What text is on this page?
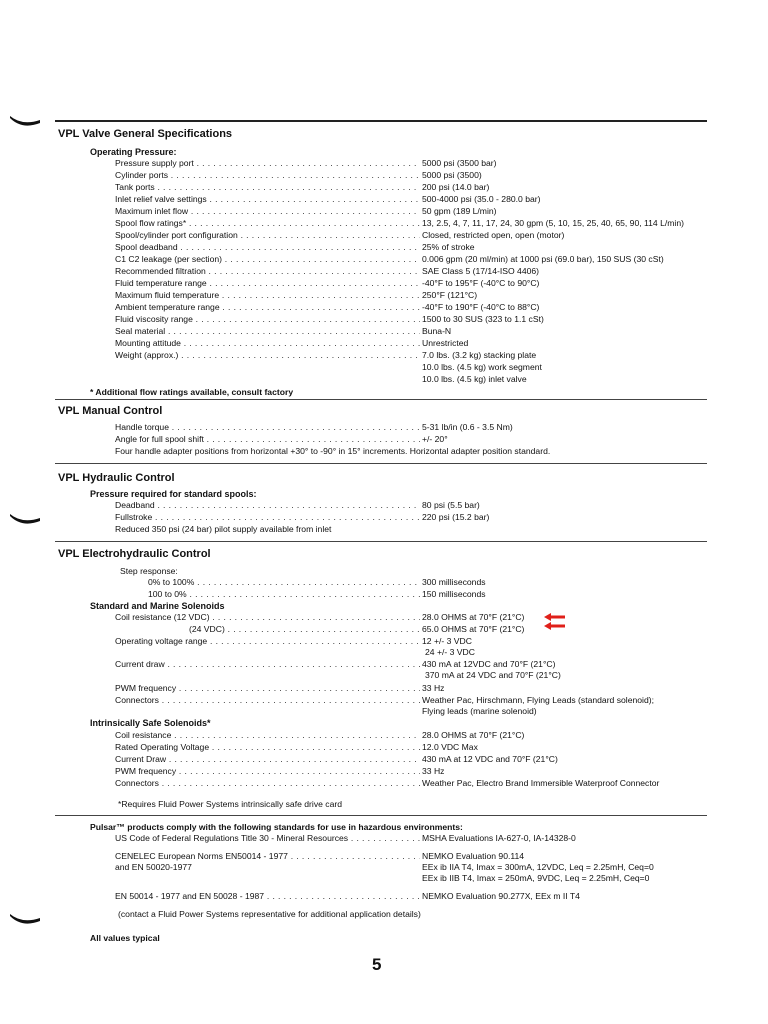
VPL Valve General Specifications
Operating Pressure:
Pressure supply port . . .	5000 psi (3500 bar)
Cylinder ports . . .	5000 psi (3500)
Tank ports . . .	200 psi (14.0 bar)
Inlet relief valve settings . . .	500-4000 psi (35.0 - 280.0 bar)
Maximum inlet flow . . .	50 gpm (189 L/min)
Spool flow ratings* . . .	13, 2.5, 4, 7, 11, 17, 24, 30 gpm (5, 10, 15, 25, 40, 65, 90, 114 L/min)
Spool/cylinder port configuration . . .	Closed, restricted open, open (motor)
Spool deadband . . .	25% of stroke
C1 C2 leakage (per section) . . .	0.006 gpm (20 ml/min) at 1000 psi (69.0 bar), 150 SUS (30 cSt)
Recommended filtration . . .	SAE Class 5 (17/14-ISO 4406)
Fluid temperature range . . .	-40°F to 195°F (-40°C to 90°C)
Maximum fluid temperature . . .	250°F (121°C)
Ambient temperature range . . .	-40°F to 190°F (-40°C to 88°C)
Fluid viscosity range . . .	1500 to 30 SUS (323 to 1.1 cSt)
Seal material . . .	Buna-N
Mounting attitude . . .	Unrestricted
Weight (approx.) . . .	7.0 lbs. (3.2 kg) stacking plate
10.0 lbs. (4.5 kg) work segment
10.0 lbs. (4.5 kg) inlet valve
* Additional flow ratings available, consult factory
VPL Manual Control
Handle torque . . .	5-31 lb/in (0.6 - 3.5 Nm)
Angle for full spool shift . . .	+/- 20°
Four handle adapter positions from horizontal +30° to -90° in 15° increments. Horizontal adapter position standard.
VPL Hydraulic Control
Pressure required for standard spools:
Deadband . . .	80 psi (5.5 bar)
Fullstroke . . .	220 psi (15.2 bar)
Reduced 350 psi (24 bar) pilot supply available from inlet
VPL Electrohydraulic Control
Step response:
0% to 100% . . .	300 milliseconds
100 to 0% . . .	150 milliseconds
Standard and Marine Solenoids
Coil resistance (12 VDC) . . .	28.0 OHMS at 70°F (21°C)
(24 VDC) . . .	65.0 OHMS at 70°F (21°C)
Operating voltage range . . .	12 +/- 3 VDC
24 +/- 3 VDC
Current draw . . .	430 mA at 12VDC and 70°F (21°C)
370 mA at 24 VDC and 70°F (21°C)
PWM frequency . . .	33 Hz
Connectors . . .	Weather Pac, Hirschmann, Flying Leads (standard solenoid);
Flying leads (marine solenoid)
Intrinsically Safe Solenoids*
Coil resistance . . .	28.0 OHMS at 70°F (21°C)
Rated Operating Voltage . . .	12.0 VDC Max
Current Draw . . .	430 mA at 12 VDC and 70°F (21°C)
PWM frequency . . .	33 Hz
Connectors . . .	Weather Pac, Electro Brand Immersible Waterproof Connector
*Requires Fluid Power Systems intrinsically safe drive card
Pulsar™ products comply with the following standards for use in hazardous environments:
US Code of Federal Regulations Title 30 - Mineral Resources . . .	MSHA Evaluations IA-627-0, IA-14328-0
CENELEC European Norms EN50014 - 1977 . . .	NEMKO Evaluation 90.114
and EN 50020-1977	EEx ib IIA T4, Imax = 300mA, 12VDC, Leq = 2.25mH, Ceq=0
EEx ib IIB T4, Imax = 250mA, 9VDC, Leq = 2.25mH, Ceq=0
EN 50014 - 1977 and EN 50028 - 1987 . . .	NEMKO Evaluation 90.277X, EEx m II T4
(contact a Fluid Power Systems representative for additional application details)
All values typical
5
